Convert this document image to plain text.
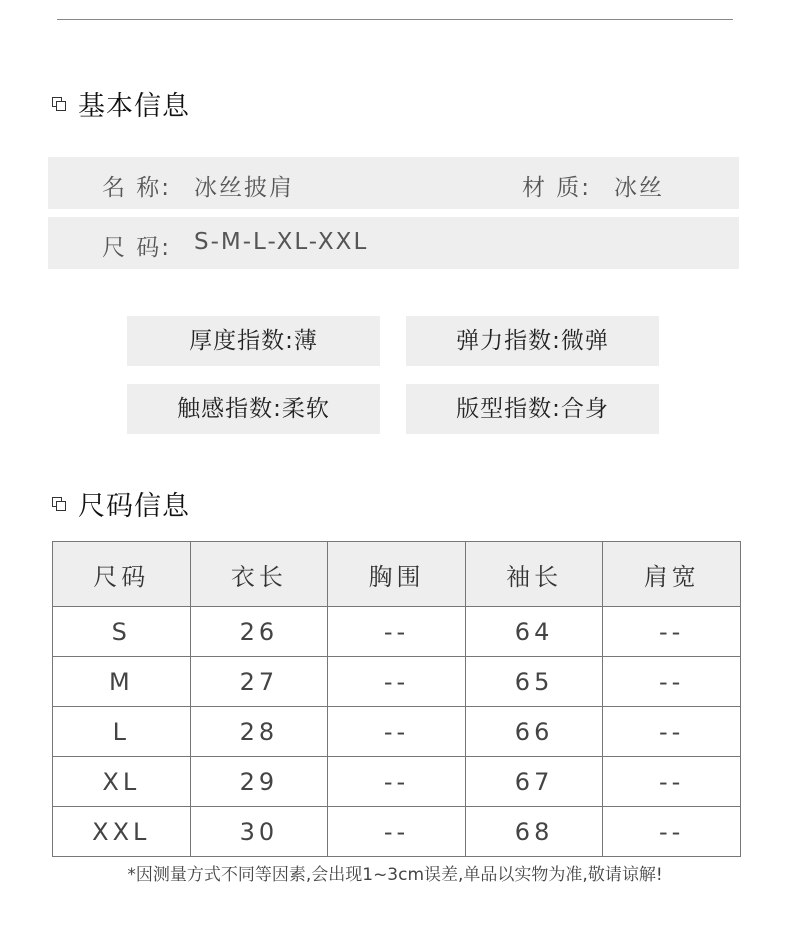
基本信息
名 称: 冰丝披肩	材 质: 冰丝
尺 码: S-M-L-XL-XXL
厚度指数:薄	弹力指数:微弹
触感指数:柔软	版型指数:合身
尺码信息
尺码	衣长	胸围	袖长	肩宽
S	26	--	64	--
M	27	--	65	--
L	28	--	66	--
XL	29	--	67	--
XXL	30	--	68	--
*因测量方式不同等因素,会出现1~3cm误差,单品以实物为准,敬请谅解!
